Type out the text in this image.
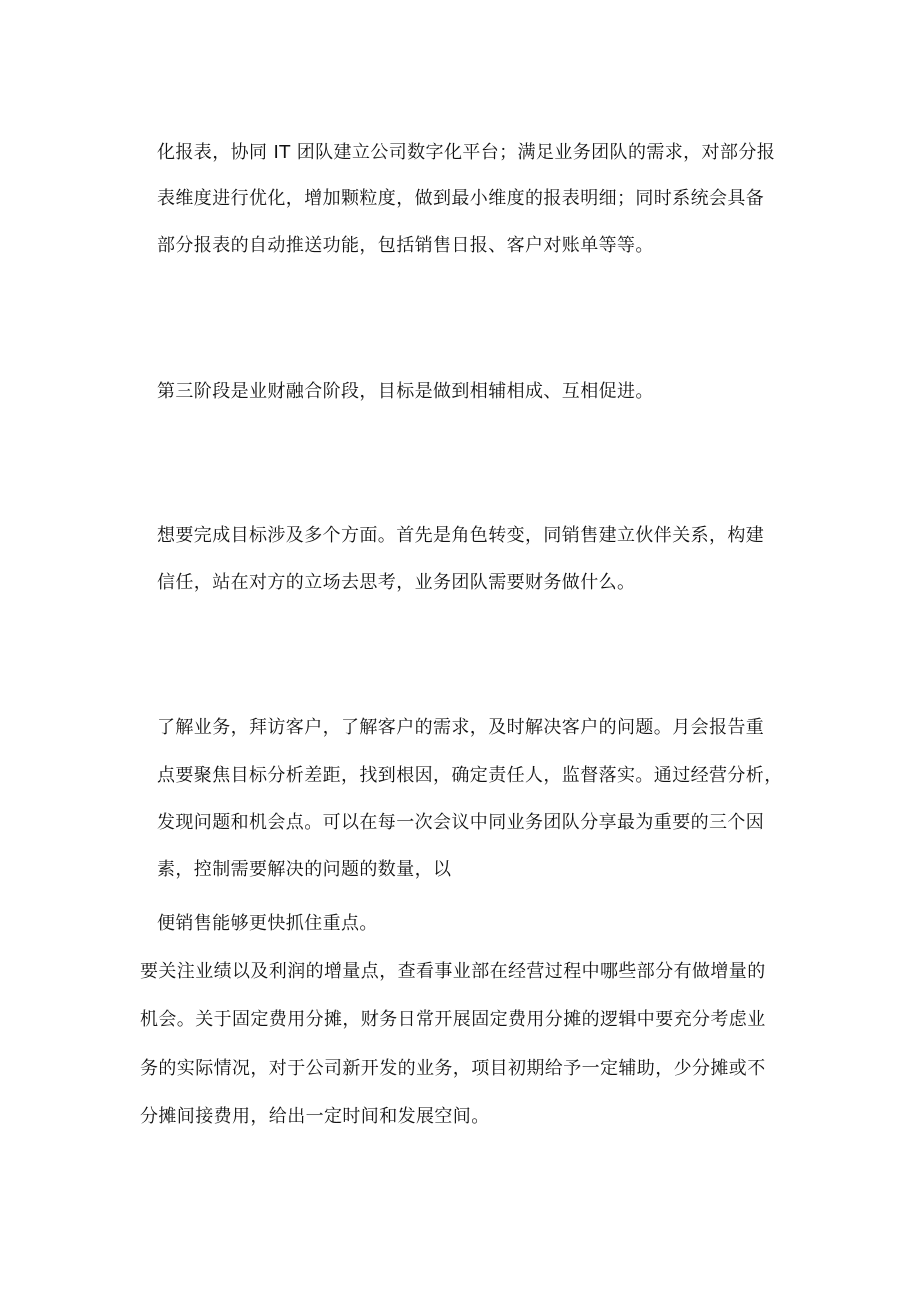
化报表，协同 IT 团队建立公司数字化平台；满足业务团队的需求，对部分报
表维度进行优化，增加颗粒度，做到最小维度的报表明细；同时系统会具备
部分报表的自动推送功能，包括销售日报、客户对账单等等。
第三阶段是业财融合阶段，目标是做到相辅相成、互相促进。
想要完成目标涉及多个方面。首先是角色转变，同销售建立伙伴关系，构建
信任，站在对方的立场去思考，业务团队需要财务做什么。
了解业务，拜访客户，了解客户的需求，及时解决客户的问题。月会报告重
点要聚焦目标分析差距，找到根因，确定责任人，监督落实。通过经营分析，
发现问题和机会点。可以在每一次会议中同业务团队分享最为重要的三个因
素，控制需要解决的问题的数量，以
便销售能够更快抓住重点。
要关注业绩以及利润的增量点，查看事业部在经营过程中哪些部分有做增量的
机会。关于固定费用分摊，财务日常开展固定费用分摊的逻辑中要充分考虑业
务的实际情况，对于公司新开发的业务，项目初期给予一定辅助，少分摊或不
分摊间接费用，给出一定时间和发展空间。
